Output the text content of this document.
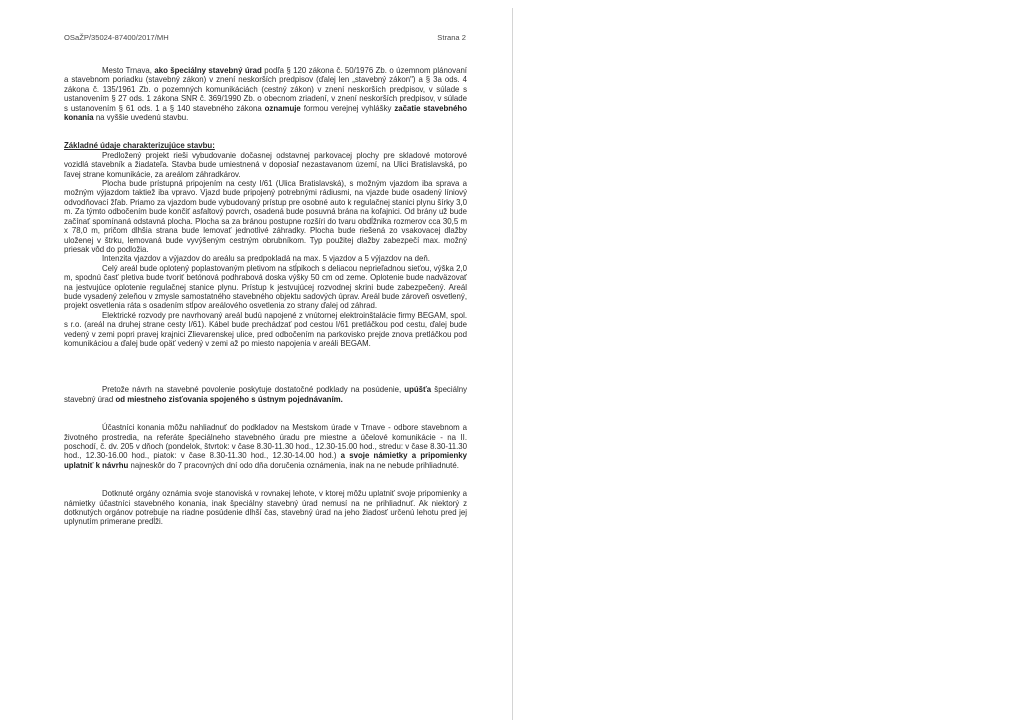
OSaŽP/35024-87400/2017/MH	Strana 2

Mesto Trnava, ako špeciálny stavebný úrad podľa § 120 zákona č. 50/1976 Zb. o územnom plánovaní a stavebnom poriadku (stavebný zákon) v znení neskorších predpisov (ďalej len „stavebný zákon") a § 3a ods. 4 zákona č. 135/1961 Zb. o pozemných komunikáciách (cestný zákon) v znení neskorších predpisov, v súlade s ustanovením § 27 ods. 1 zákona SNR č. 369/1990 Zb. o obecnom zriadení, v znení neskorších predpisov, v súlade s ustanovením § 61 ods. 1 a § 140 stavebného zákona oznamuje formou verejnej vyhlášky začatie stavebného konania na vyššie uvedenú stavbu.

Základné údaje charakterizujúce stavbu:

Predložený projekt rieši vybudovanie dočasnej odstavnej parkovacej plochy pre skladové motorové vozidlá stavebník a žiadateľa. Stavba bude umiestnená v doposiaľ nezastavanom území, na Ulici Bratislavská, po ľavej strane komunikácie, za areálom záhradkárov.

Plocha bude prístupná pripojením na cesty I/61 (Ulica Bratislavská), s možným vjazdom iba sprava a možným výjazdom taktiež iba vpravo. Vjazd bude pripojený potrebnými rádiusmi, na vjazde bude osadený líniový odvodňovací žľab. Priamo za vjazdom bude vybudovaný prístup pre osobné auto k regulačnej stanici plynu šírky 3,0 m. Za týmto odbočením bude končiť asfaltový povrch, osadená bude posuvná brána na koľajnici. Od brány už bude začínať spomínaná odstavná plocha. Plocha sa za bránou postupne rozšíri do tvaru obdĺžnika rozmerov cca 30,5 m x 78,0 m, pričom dlhšia strana bude lemovať jednotlivé záhradky. Plocha bude riešená zo vsakovacej dlažby uloženej v štrku, lemovaná bude vyvýšeným cestným obrubníkom. Typ použitej dlažby zabezpečí max. možný priesak vôd do podložia.

Intenzita vjazdov a výjazdov do areálu sa predpokladá na max. 5 vjazdov a 5 výjazdov na deň.

Celý areál bude oplotený poplastovaným pletivom na stĺpikoch s deliacou neprieľadnou sieťou, výška 2,0 m, spodnú časť pletiva bude tvoriť betónová podhrabová doska výšky 50 cm od zeme. Oplotenie bude nadväzovať na jestvujúce oplotenie regulačnej stanice plynu. Prístup k jestvujúcej rozvodnej skrini bude zabezpečený. Areál bude vysadený zeleňou v zmysle samostatného stavebného objektu sadových úprav. Areál bude zároveň osvetlený, projekt osvetlenia ráta s osadením stĺpov areálového osvetlenia zo strany ďalej od záhrad.

Elektrické rozvody pre navrhovaný areál budú napojené z vnútornej elektroinštalácie firmy BEGAM, spol. s r.o. (areál na druhej strane cesty I/61). Kábel bude prechádzať pod cestou I/61 pretláčkou pod cestu, ďalej bude vedený v zemi popri pravej krajnici Zlievarenskej ulice, pred odbočením na parkovisko prejde znova pretláčkou pod komunikáciou a ďalej bude opäť vedený v zemi až po miesto napojenia v areáli BEGAM.

Pretože návrh na stavebné povolenie poskytuje dostatočné podklady na posúdenie, upúšťa špeciálny stavebný úrad od miestneho zisťovania spojeného s ústnym pojednávaním.

Účastníci konania môžu nahliadnuť do podkladov na Mestskom úrade v Trnave - odbore stavebnom a životného prostredia, na referáte špeciálneho stavebného úradu pre miestne a účelové komunikácie - na II. poschodí, č. dv. 205 v dňoch (pondelok, štvrtok: v čase 8.30-11.30 hod., 12.30-15.00 hod., stredu: v čase 8.30-11.30 hod., 12.30-16.00 hod., piatok: v čase 8.30-11.30 hod., 12.30-14.00 hod.) a svoje námietky a pripomienky uplatniť k návrhu najneskôr do 7 pracovných dní odo dňa doručenia oznámenia, inak na ne nebude prihliadnuté.

Dotknuté orgány oznámia svoje stanoviská v rovnakej lehote, v ktorej môžu uplatniť svoje pripomienky a námietky účastníci stavebného konania, inak špeciálny stavebný úrad nemusí na ne prihliadnuť. Ak niektorý z dotknutých orgánov potrebuje na riadne posúdenie dlhší čas, stavebný úrad na jeho žiadosť určenú lehotu pred jej uplynutím primerane predĺži.
